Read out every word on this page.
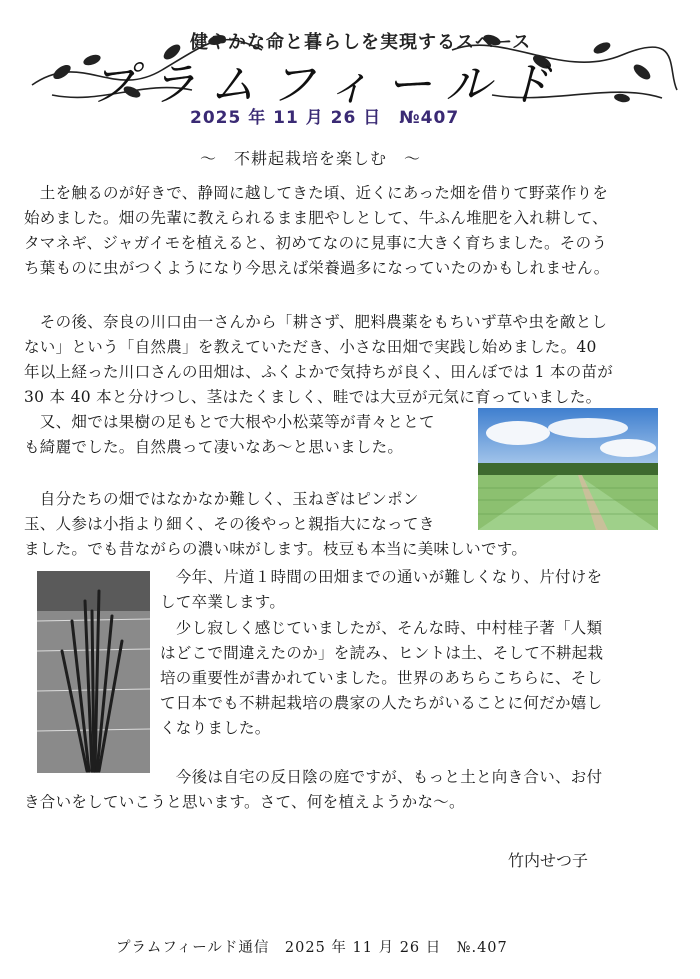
健やかな命と暮らしを実現するスペース
プラムフィールド
2025 年 11 月 26 日　№407
～　不耕起栽培を楽しむ　～
　土を触るのが好きで、静岡に越してきた頃、近くにあった畑を借りて野菜作りを
始めました。畑の先輩に教えられるまま肥やしとして、牛ふん堆肥を入れ耕して、
タマネギ、ジャガイモを植えると、初めてなのに見事に大きく育ちました。そのう
ち葉ものに虫がつくようになり今思えば栄養過多になっていたのかもしれません。
　その後、奈良の川口由一さんから「耕さず、肥料農薬をもちいず草や虫を敵とし
ない」という「自然農」を教えていただき、小さな田畑で実践し始めました。40
年以上経った川口さんの田畑は、ふくよかで気持ちが良く、田んぼでは 1 本の苗が
30 本 40 本と分けつし、茎はたくましく、畦では大豆が元気に育っていました。
　又、畑では果樹の足もとで大根や小松菜等が青々ととて
も綺麗でした。自然農って凄いなあ～と思いました。
　自分たちの畑ではなかなか難しく、玉ねぎはピンポン
玉、人参は小指より細く、その後やっと親指大になってき
ました。でも昔ながらの濃い味がします。枝豆も本当に美味しいです。
　今年、片道１時間の田畑までの通いが難しくなり、片付けを
して卒業します。
　少し寂しく感じていましたが、そんな時、中村桂子著「人類
はどこで間違えたのか」を読み、ヒントは土、そして不耕起栽
培の重要性が書かれていました。世界のあちらこちらに、そし
て日本でも不耕起栽培の農家の人たちがいることに何だか嬉し
くなりました。
　今後は自宅の反日陰の庭ですが、もっと土と向き合い、お付
き合いをしていこうと思います。さて、何を植えようかな～。
竹内せつ子
プラムフィールド通信　2025 年 11 月 26 日　№.407
